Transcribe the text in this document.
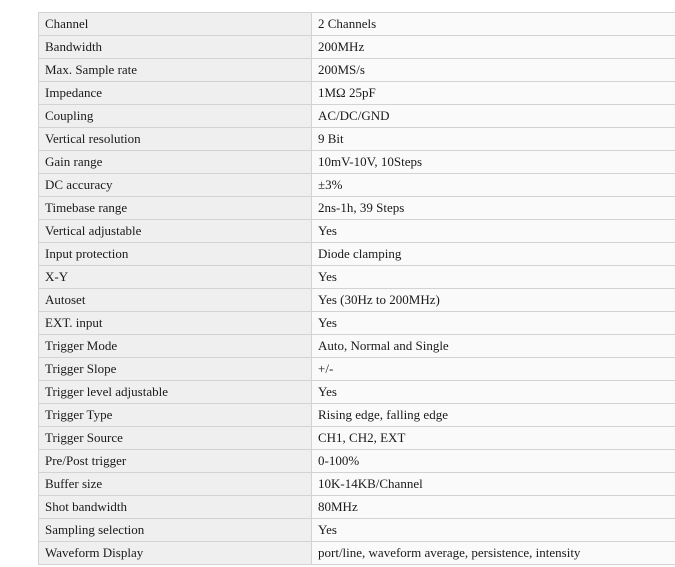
Channel	2 Channels
Bandwidth	200MHz
Max. Sample rate	200MS/s
Impedance	1MΩ 25pF
Coupling	AC/DC/GND
Vertical resolution	9 Bit
Gain range	10mV-10V, 10Steps
DC accuracy	±3%
Timebase range	2ns-1h, 39 Steps
Vertical adjustable	Yes
Input protection	Diode clamping
X-Y	Yes
Autoset	Yes (30Hz to 200MHz)
EXT. input	Yes
Trigger Mode	Auto, Normal and Single
Trigger Slope	+/-
Trigger level adjustable	Yes
Trigger Type	Rising edge, falling edge
Trigger Source	CH1, CH2, EXT
Pre/Post trigger	0-100%
Buffer size	10K-14KB/Channel
Shot bandwidth	80MHz
Sampling selection	Yes
Waveform Display	port/line, waveform average, persistence, intensity
